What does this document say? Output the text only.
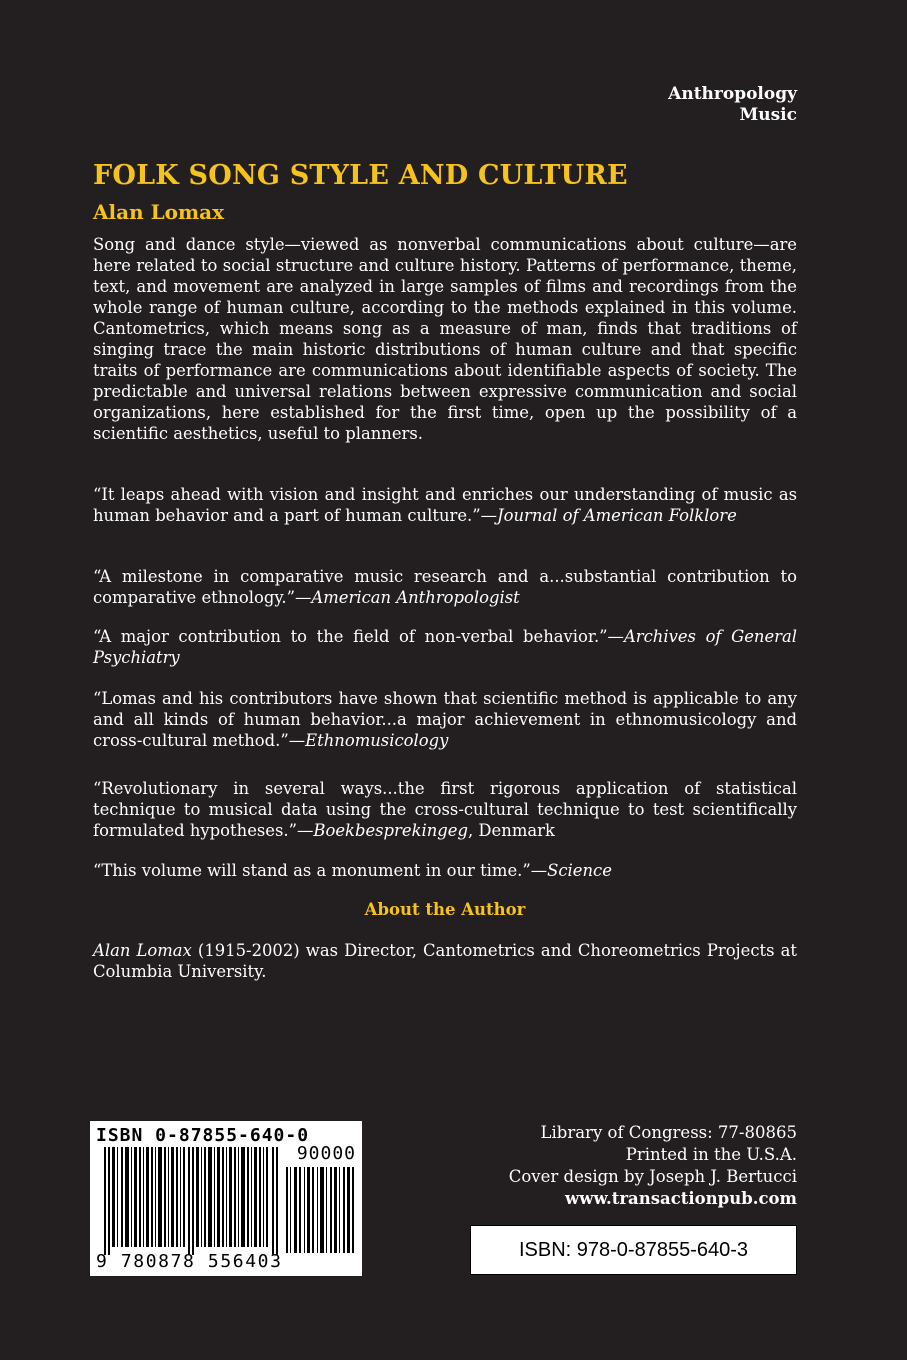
Anthropology
Music
FOLK SONG STYLE AND CULTURE
Alan Lomax

Song and dance style—viewed as nonverbal communications about culture—are here related to social structure and culture history. Patterns of performance, theme, text, and movement are analyzed in large samples of films and recordings from the whole range of human culture, according to the methods explained in this volume. Cantometrics, which means song as a measure of man, finds that traditions of singing trace the main historic distributions of human culture and that specific traits of performance are communications about identifiable aspects of society. The predictable and universal relations between expressive communication and social organizations, here established for the first time, open up the possibility of a scientific aesthetics, useful to planners.

“It leaps ahead with vision and insight and enriches our understanding of music as human behavior and a part of human culture.”—Journal of American Folklore

“A milestone in comparative music research and a...substantial contribution to comparative ethnology.”—American Anthropologist

“A major contribution to the field of non-verbal behavior.”—Archives of General Psychiatry

“Lomas and his contributors have shown that scientific method is applicable to any and all kinds of human behavior...a major achievement in ethnomusicology and cross-cultural method.”—Ethnomusicology

“Revolutionary in several ways...the first rigorous application of statistical technique to musical data using the cross-cultural technique to test scientifically formulated hypotheses.”—Boekbesprekingeg, Denmark

“This volume will stand as a monument in our time.”—Science

About the Author

Alan Lomax (1915-2002) was Director, Cantometrics and Choreometrics Projects at Columbia University.

ISBN 0-87855-640-0
90000
9 780878 556403
Library of Congress: 77-80865
Printed in the U.S.A.
Cover design by Joseph J. Bertucci
www.transactionpub.com
ISBN: 978-0-87855-640-3
